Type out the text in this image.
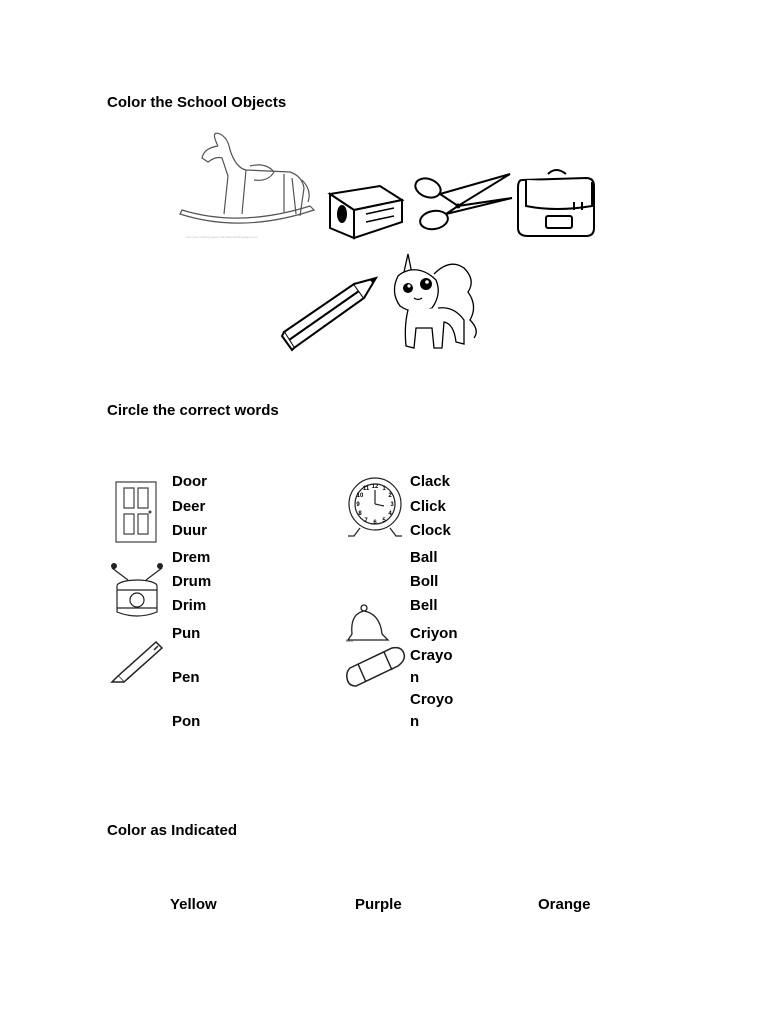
Color the School Objects
For more coloring pages visit www.coloringpages.com
Circle the correct words
Door
Deer
Duur
Drem
Drum
Drim
Pun
Pen
Pon
12 1
2
3
4
5
6
7
8
9
10
11	Clack
Click
Clock
Bell
Ball
Boll
Bell
Criyon
Crayo
n
Croyo
n
Color as Indicated
Yellow	Purple	Orange
